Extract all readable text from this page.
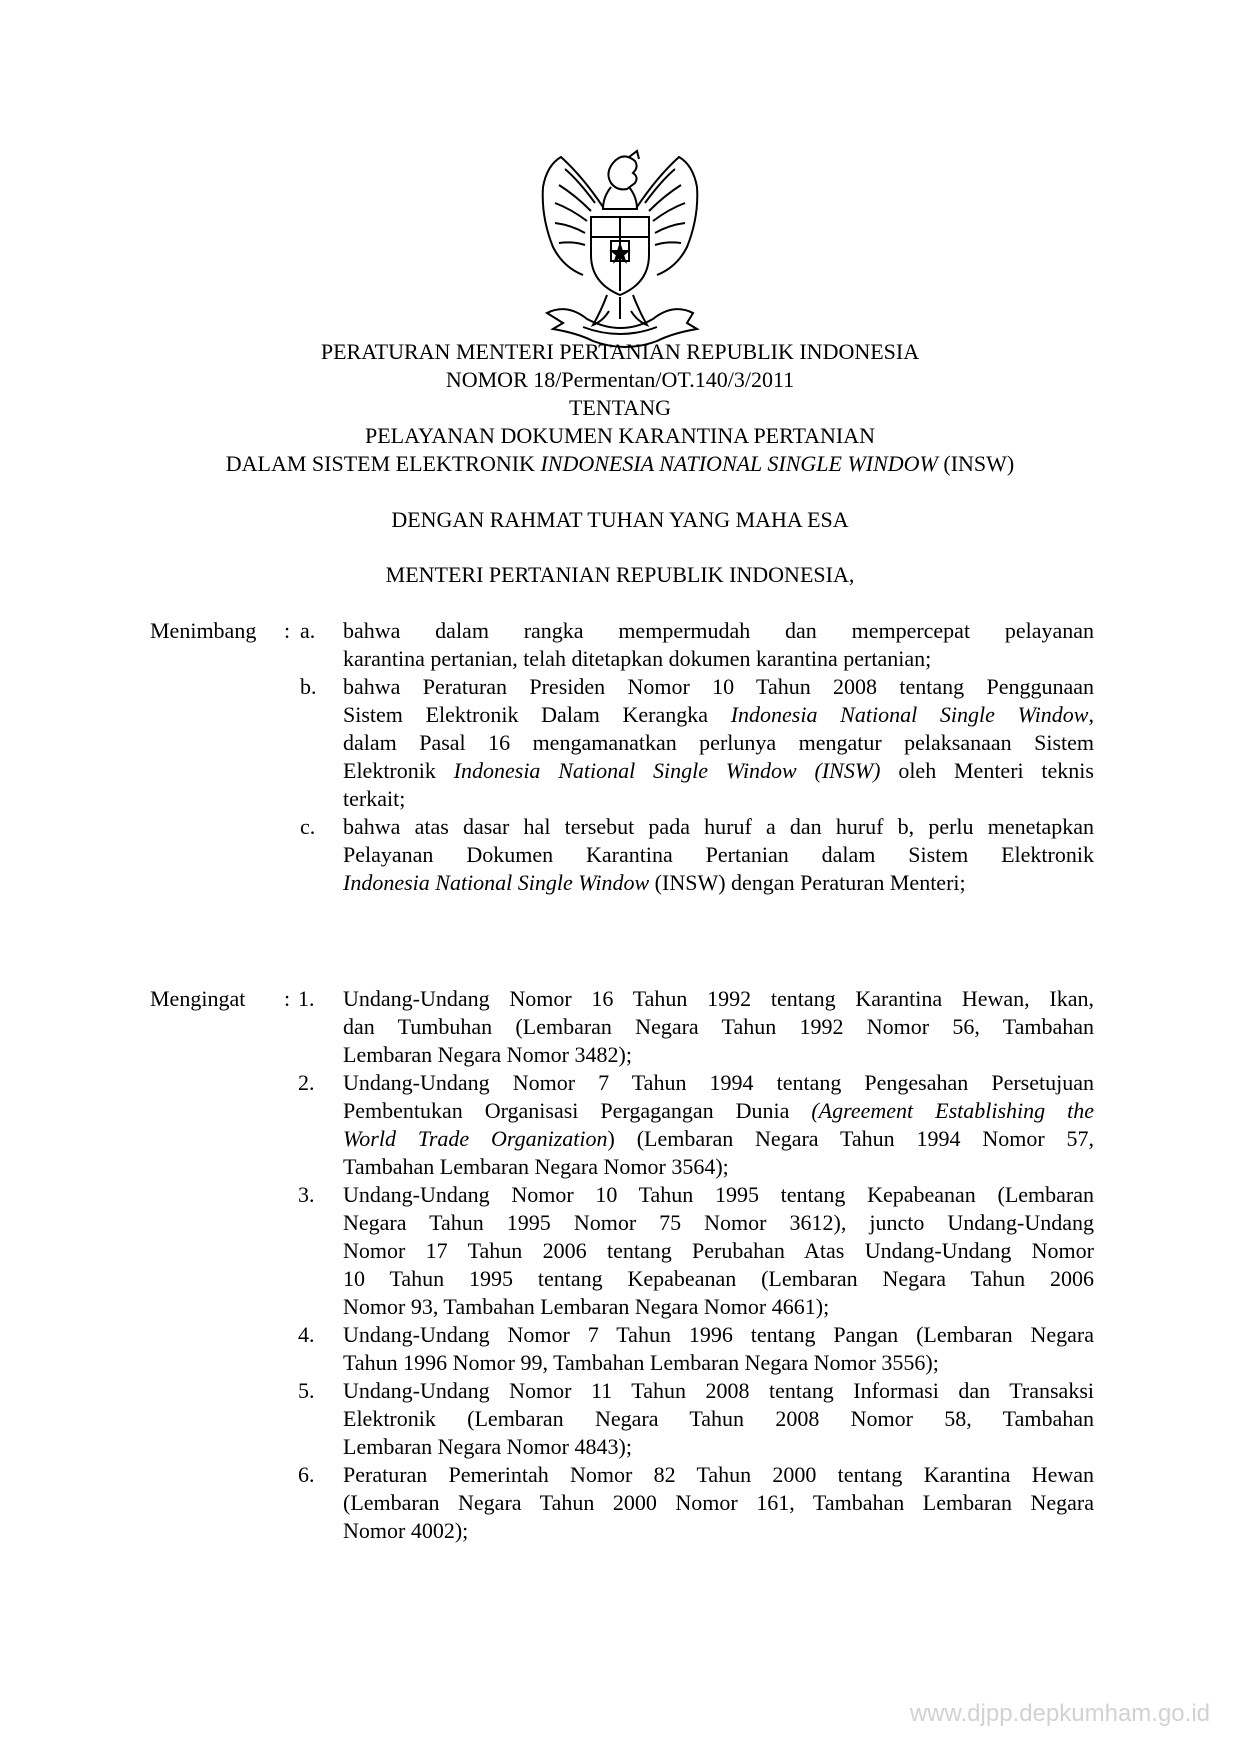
PERATURAN MENTERI PERTANIAN REPUBLIK INDONESIA
NOMOR 18/Permentan/OT.140/3/2011
TENTANG
PELAYANAN DOKUMEN KARANTINA PERTANIAN
DALAM SISTEM ELEKTRONIK INDONESIA NATIONAL SINGLE WINDOW (INSW)
DENGAN RAHMAT TUHAN YANG MAHA ESA
MENTERI PERTANIAN REPUBLIK INDONESIA,
Menimbang :
Mengingat :
a. bahwa dalam rangka mempermudah dan mempercepat pelayanan
karantina pertanian, telah ditetapkan dokumen karantina pertanian;
b. bahwa Peraturan Presiden Nomor 10 Tahun 2008 tentang Penggunaan
Sistem Elektronik Dalam Kerangka Indonesia National Single Window,
dalam Pasal 16 mengamanatkan perlunya mengatur pelaksanaan Sistem
Elektronik Indonesia National Single Window (INSW) oleh Menteri teknis
terkait;
c. bahwa atas dasar hal tersebut pada huruf a dan huruf b, perlu menetapkan
Pelayanan Dokumen Karantina Pertanian dalam Sistem Elektronik
Indonesia National Single Window (INSW) dengan Peraturan Menteri;
1. Undang-Undang Nomor 16 Tahun 1992 tentang Karantina Hewan, Ikan,
dan Tumbuhan (Lembaran Negara Tahun 1992 Nomor 56, Tambahan
Lembaran Negara Nomor 3482);
2. Undang-Undang Nomor 7 Tahun 1994 tentang Pengesahan Persetujuan
Pembentukan Organisasi Pergagangan Dunia (Agreement Establishing the
World Trade Organization) (Lembaran Negara Tahun 1994 Nomor 57,
Tambahan Lembaran Negara Nomor 3564);
3. Undang-Undang Nomor 10 Tahun 1995 tentang Kepabeanan (Lembaran
Negara Tahun 1995 Nomor 75 Nomor 3612), juncto Undang-Undang
Nomor 17 Tahun 2006 tentang Perubahan Atas Undang-Undang Nomor
10 Tahun 1995 tentang Kepabeanan (Lembaran Negara Tahun 2006
Nomor 93, Tambahan Lembaran Negara Nomor 4661);
4. Undang-Undang Nomor 7 Tahun 1996 tentang Pangan (Lembaran Negara
Tahun 1996 Nomor 99, Tambahan Lembaran Negara Nomor 3556);
5. Undang-Undang Nomor 11 Tahun 2008 tentang Informasi dan Transaksi
Elektronik (Lembaran Negara Tahun 2008 Nomor 58, Tambahan
Lembaran Negara Nomor 4843);
6. Peraturan Pemerintah Nomor 82 Tahun 2000 tentang Karantina Hewan
(Lembaran Negara Tahun 2000 Nomor 161, Tambahan Lembaran Negara
Nomor 4002);
www.djpp.depkumham.go.id
